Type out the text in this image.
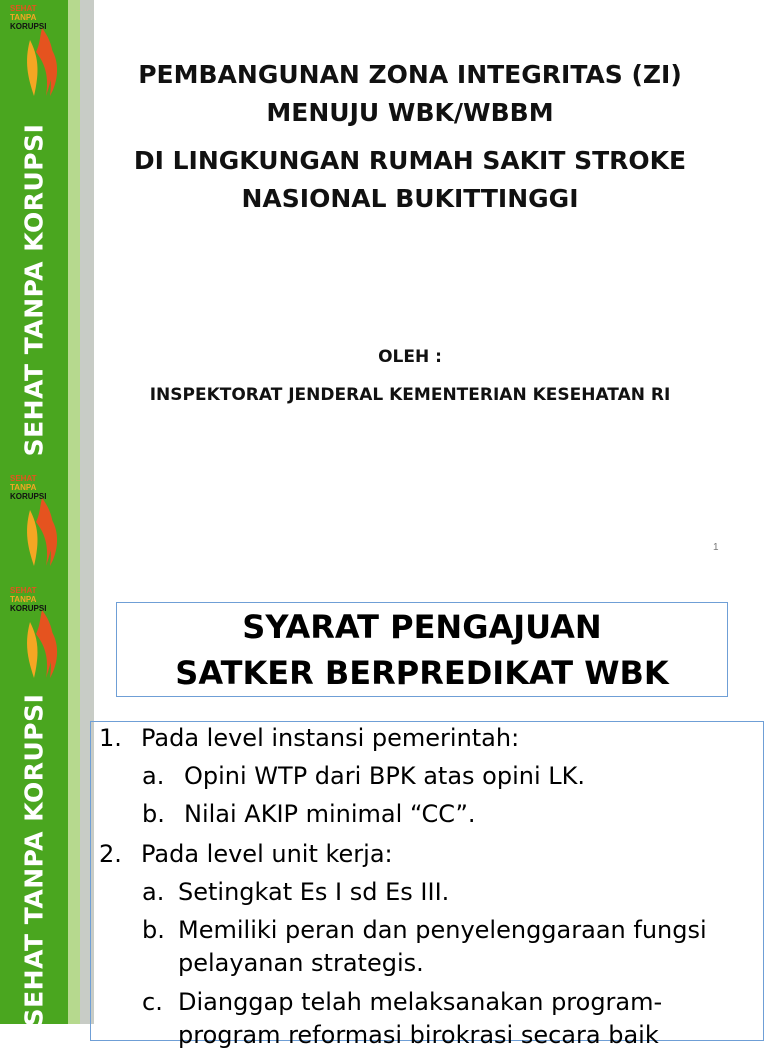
SEHAT
TANPA
KORUPSI
SEHAT TANPA KORUPSI
SEHAT
TANPA
KORUPSI
PEMBANGUNAN ZONA INTEGRITAS (ZI)
MENUJU WBK/WBBM
DI LINGKUNGAN RUMAH SAKIT STROKE
NASIONAL BUKITTINGGI
OLEH :
INSPEKTORAT JENDERAL KEMENTERIAN KESEHATAN RI
1
SEHAT
TANPA
KORUPSI
SEHAT TANPA KORUPSI
SYARAT PENGAJUAN
SATKER BERPREDIKAT WBK
1. Pada level instansi pemerintah:
a. Opini WTP dari BPK atas opini LK.
b. Nilai AKIP minimal “CC”.
2. Pada level unit kerja:
a. Setingkat Es I sd Es III.
b. Memiliki peran dan penyelenggaraan fungsi
pelayanan strategis.
c. Dianggap telah melaksanakan program-
program reformasi birokrasi secara baik
